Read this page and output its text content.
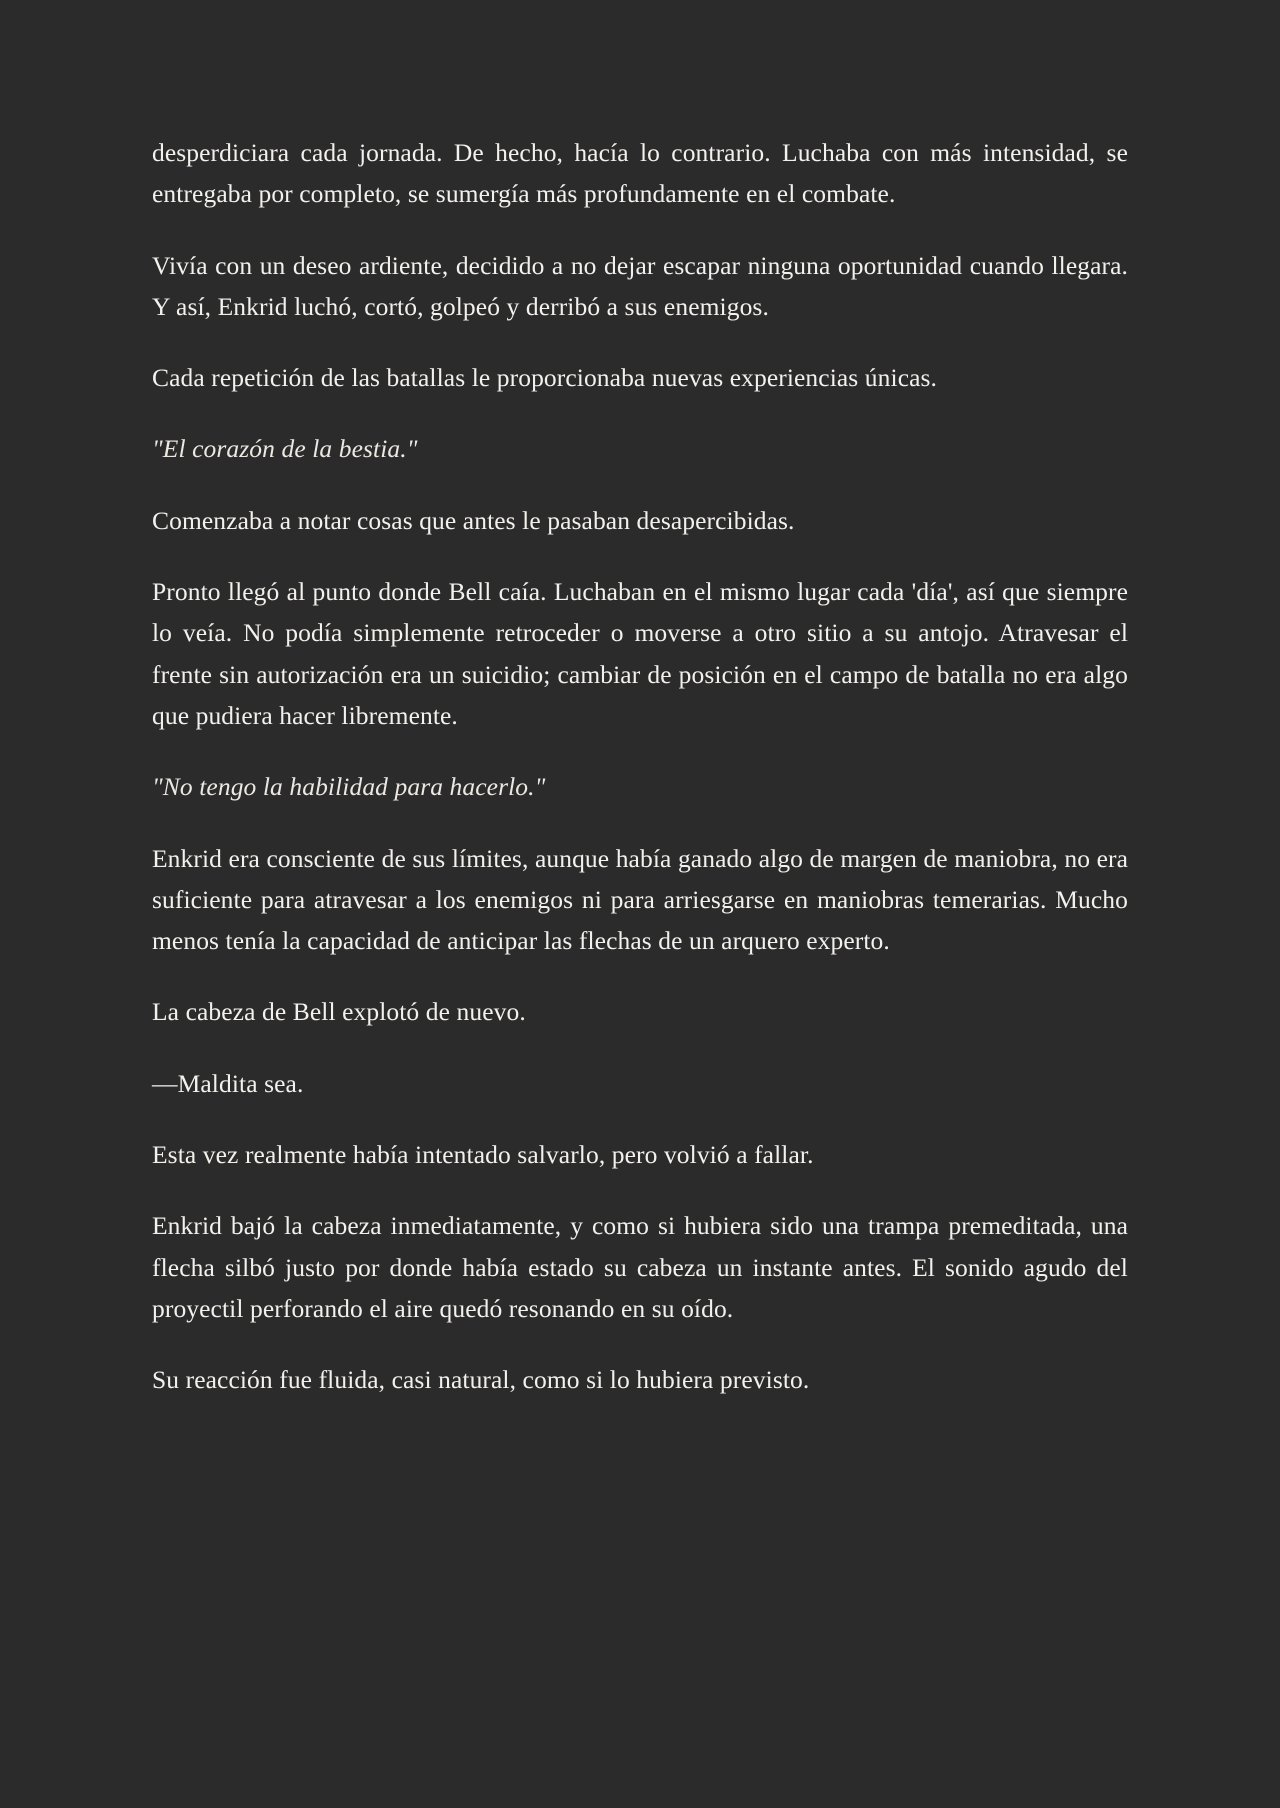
desperdiciara cada jornada. De hecho, hacía lo contrario. Luchaba con más intensidad, se entregaba por completo, se sumergía más profundamente en el combate.

Vivía con un deseo ardiente, decidido a no dejar escapar ninguna oportunidad cuando llegara. Y así, Enkrid luchó, cortó, golpeó y derribó a sus enemigos.

Cada repetición de las batallas le proporcionaba nuevas experiencias únicas.

"El corazón de la bestia."

Comenzaba a notar cosas que antes le pasaban desapercibidas.

Pronto llegó al punto donde Bell caía. Luchaban en el mismo lugar cada 'día', así que siempre lo veía. No podía simplemente retroceder o moverse a otro sitio a su antojo. Atravesar el frente sin autorización era un suicidio; cambiar de posición en el campo de batalla no era algo que pudiera hacer libremente.

"No tengo la habilidad para hacerlo."

Enkrid era consciente de sus límites, aunque había ganado algo de margen de maniobra, no era suficiente para atravesar a los enemigos ni para arriesgarse en maniobras temerarias. Mucho menos tenía la capacidad de anticipar las flechas de un arquero experto.

La cabeza de Bell explotó de nuevo.

—Maldita sea.

Esta vez realmente había intentado salvarlo, pero volvió a fallar.

Enkrid bajó la cabeza inmediatamente, y como si hubiera sido una trampa premeditada, una flecha silbó justo por donde había estado su cabeza un instante antes. El sonido agudo del proyectil perforando el aire quedó resonando en su oído.

Su reacción fue fluida, casi natural, como si lo hubiera previsto.
